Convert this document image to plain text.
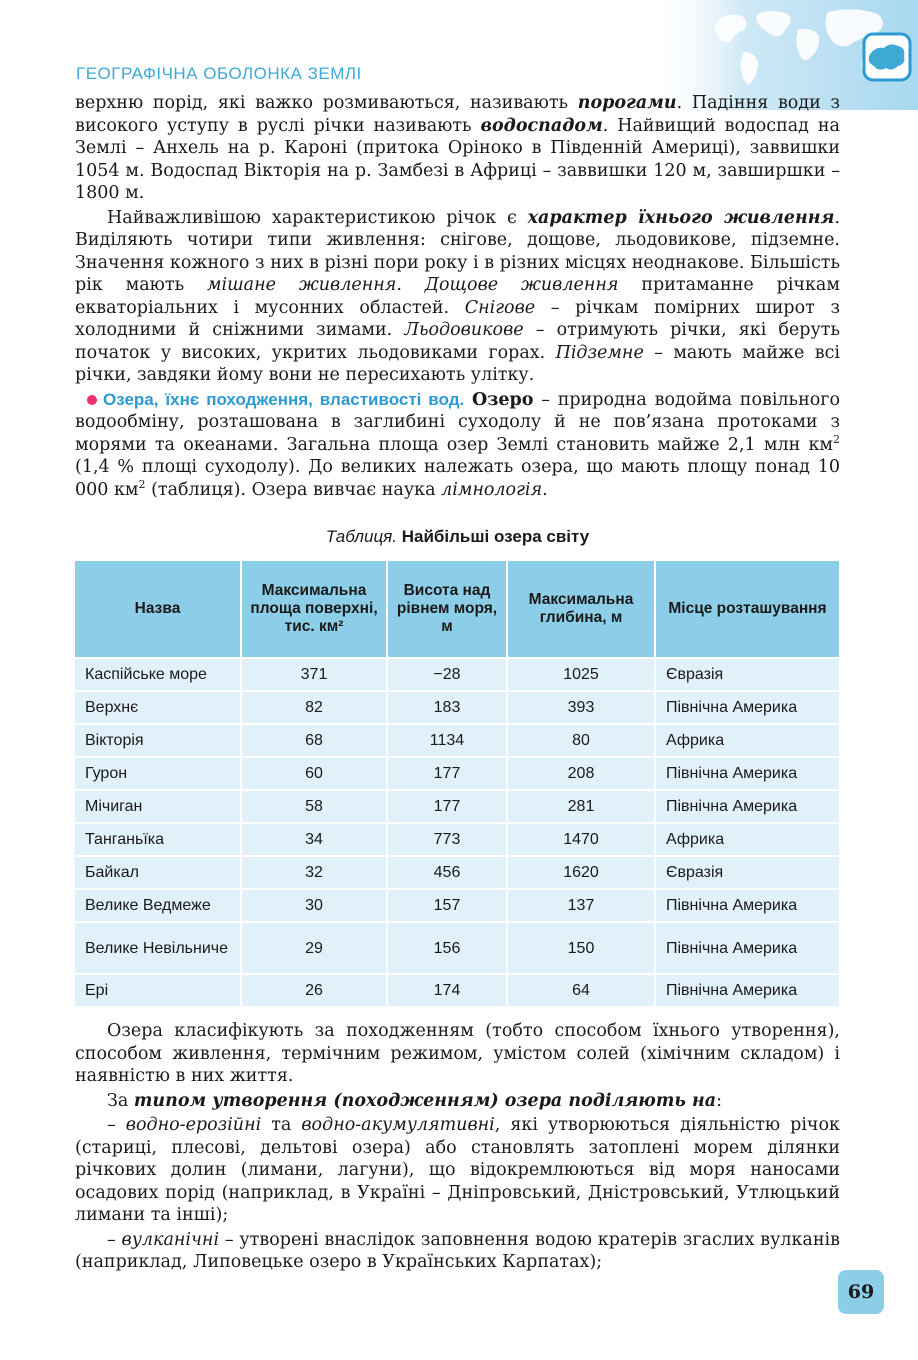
ГЕОГРАФІЧНА ОБОЛОНКА ЗЕМЛІ

верхню порід, які важко розмиваються, називають порогами. Падіння води з високого уступу в руслі річки називають водоспадом. Найвищий водоспад на Землі – Анхель на р. Кароні (притока Оріноко в Південній Америці), заввишки 1054 м. Водоспад Вікторія на р. Замбезі в Африці – заввишки 120 м, завширшки – 1800 м.

Найважливішою характеристикою річок є характер їхнього живлення. Виділяють чотири типи живлення: снігове, дощове, льодовикове, підземне. Значення кожного з них в різні пори року і в різних місцях неоднакове. Більшість рік мають мішане живлення. Дощове живлення притаманне річкам екваторіальних і мусонних областей. Снігове – річкам помірних широт з холодними й сніжними зимами. Льодовикове – отримують річки, які беруть початок у високих, укритих льодовиками горах. Підземне – мають майже всі річки, завдяки йому вони не пересихають улітку.

Озера, їхнє походження, властивості вод. Озеро – природна водойма повільного водообміну, розташована в заглибині суходолу й не пов’язана протоками з морями та океанами. Загальна площа озер Землі становить майже 2,1 млн $км^2$ (1,4 % площі суходолу). До великих належать озера, що мають площу понад 10 000 $км^2$ (таблиця). Озера вивчає наука лімнологія.

Таблиця. Найбільші озера світу
Назва	Максимальна площа поверхні, тис. км²	Висота над рівнем моря, м	Максимальна глибина, м	Місце розташування
Каспійське море	371	−28	1025	Євразія
Верхнє	82	183	393	Північна Америка
Вікторія	68	1134	80	Африка
Гурон	60	177	208	Північна Америка
Мічиган	58	177	281	Північна Америка
Танганьїка	34	773	1470	Африка
Байкал	32	456	1620	Євразія
Велике Ведмеже	30	157	137	Північна Америка
Велике Невільниче	29	156	150	Північна Америка
Ері	26	174	64	Північна Америка

Озера класифікують за походженням (тобто способом їхнього утворення), способом живлення, термічним режимом, умістом солей (хімічним складом) і наявністю в них життя.

За типом утворення (походженням) озера поділяють на:

– водно-ерозійні та водно-акумулятивні, які утворюються діяльністю річок (стариці, плесові, дельтові озера) або становлять затоплені морем ділянки річкових долин (лимани, лагуни), що відокремлюються від моря наносами осадових порід (наприклад, в Україні – Дніпровський, Дністровський, Утлюцький лимани та інші);

– вулканічні – утворені внаслідок заповнення водою кратерів згаслих вулканів (наприклад, Липовецьке озеро в Українських Карпатах);

69
